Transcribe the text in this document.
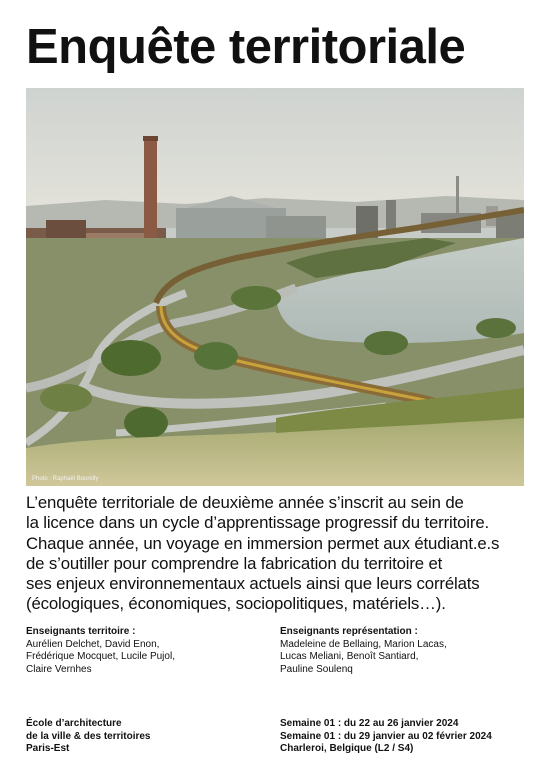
Enquête territoriale
Photo : Raphaël Bourelly

L’enquête territoriale de deuxième année s’inscrit au sein de
la licence dans un cycle d’apprentissage progressif du territoire.
Chaque année, un voyage en immersion permet aux étudiant.e.s
de s’outiller pour comprendre la fabrication du territoire et
ses enjeux environnementaux actuels ainsi que leurs corrélats
(écologiques, économiques, sociopolitiques, matériels…).

Enseignants territoire :
Aurélien Delchet, David Enon,
Frédérique Mocquet, Lucile Pujol,
Claire Vernhes
Enseignants représentation :
Madeleine de Bellaing, Marion Lacas,
Lucas Meliani, Benoît Santiard,
Pauline Soulenq
École d’architecture
de la ville & des territoires
Paris-Est
Semaine 01 : du 22 au 26 janvier 2024
Semaine 01 : du 29 janvier au 02 février 2024
Charleroi, Belgique (L2 / S4)
